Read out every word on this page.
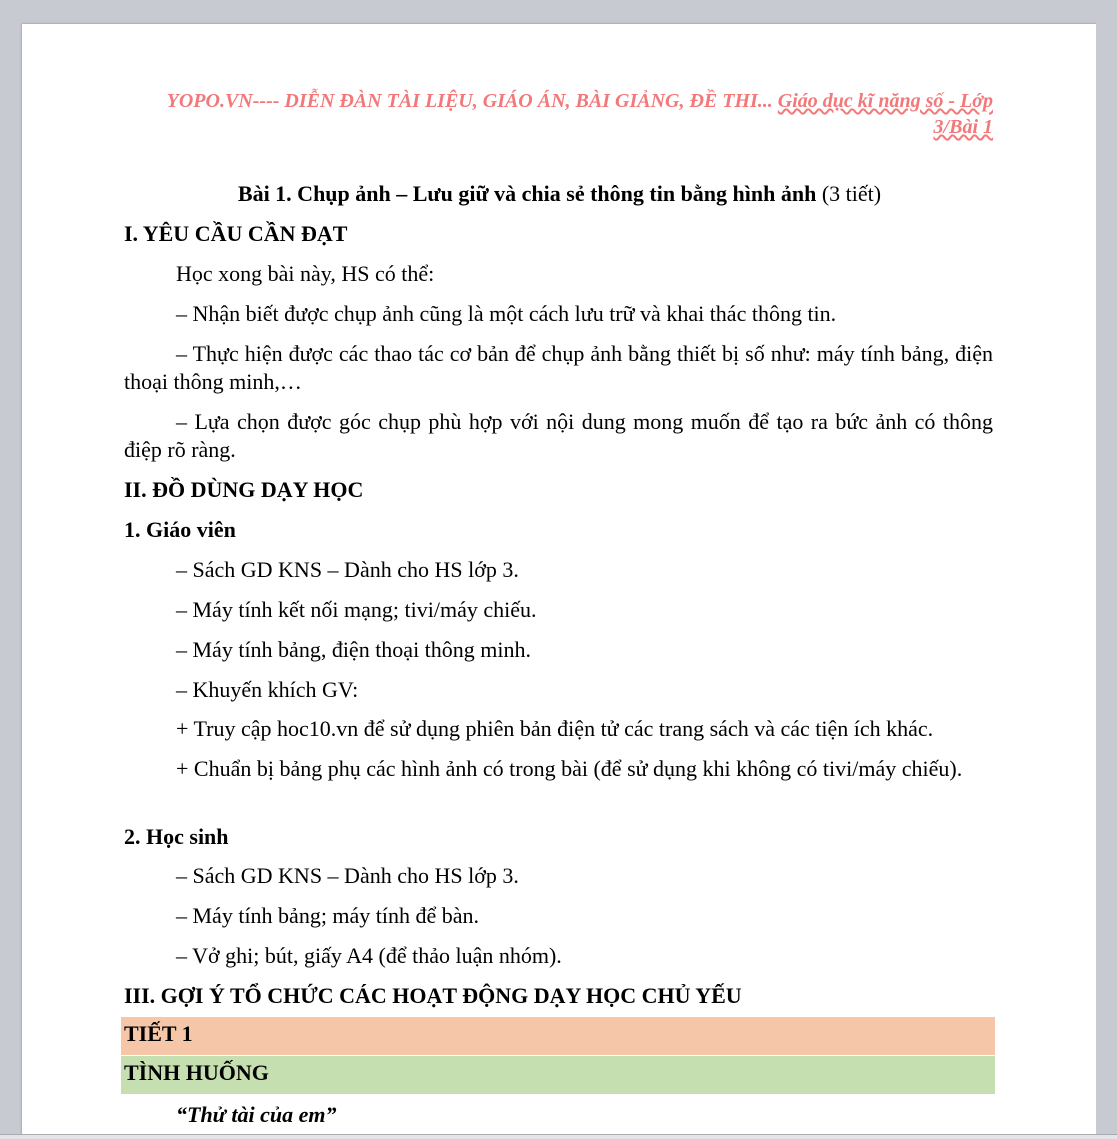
YOPO.VN---- DIỄN ĐÀN TÀI LIỆU, GIÁO ÁN, BÀI GIẢNG, ĐỀ THI... Giáo dục kĩ năng số - Lớp 3/Bài 1
Bài 1. Chụp ảnh – Lưu giữ và chia sẻ thông tin bằng hình ảnh (3 tiết)
I. YÊU CẦU CẦN ĐẠT
Học xong bài này, HS có thể:
– Nhận biết được chụp ảnh cũng là một cách lưu trữ và khai thác thông tin.
– Thực hiện được các thao tác cơ bản để chụp ảnh bằng thiết bị số như: máy tính bảng, điện thoại thông minh,…
– Lựa chọn được góc chụp phù hợp với nội dung mong muốn để tạo ra bức ảnh có thông điệp rõ ràng.
II. ĐỒ DÙNG DẠY HỌC
1. Giáo viên
– Sách GD KNS – Dành cho HS lớp 3.
– Máy tính kết nối mạng; tivi/máy chiếu.
– Máy tính bảng, điện thoại thông minh.
– Khuyến khích GV:
+ Truy cập hoc10.vn để sử dụng phiên bản điện tử các trang sách và các tiện ích khác.
+ Chuẩn bị bảng phụ các hình ảnh có trong bài (để sử dụng khi không có tivi/máy chiếu).
2. Học sinh
– Sách GD KNS – Dành cho HS lớp 3.
– Máy tính bảng; máy tính để bàn.
– Vở ghi; bút, giấy A4 (để thảo luận nhóm).
III. GỢI Ý TỔ CHỨC CÁC HOẠT ĐỘNG DẠY HỌC CHỦ YẾU
TIẾT 1
TÌNH HUỐNG
“Thử tài của em”
